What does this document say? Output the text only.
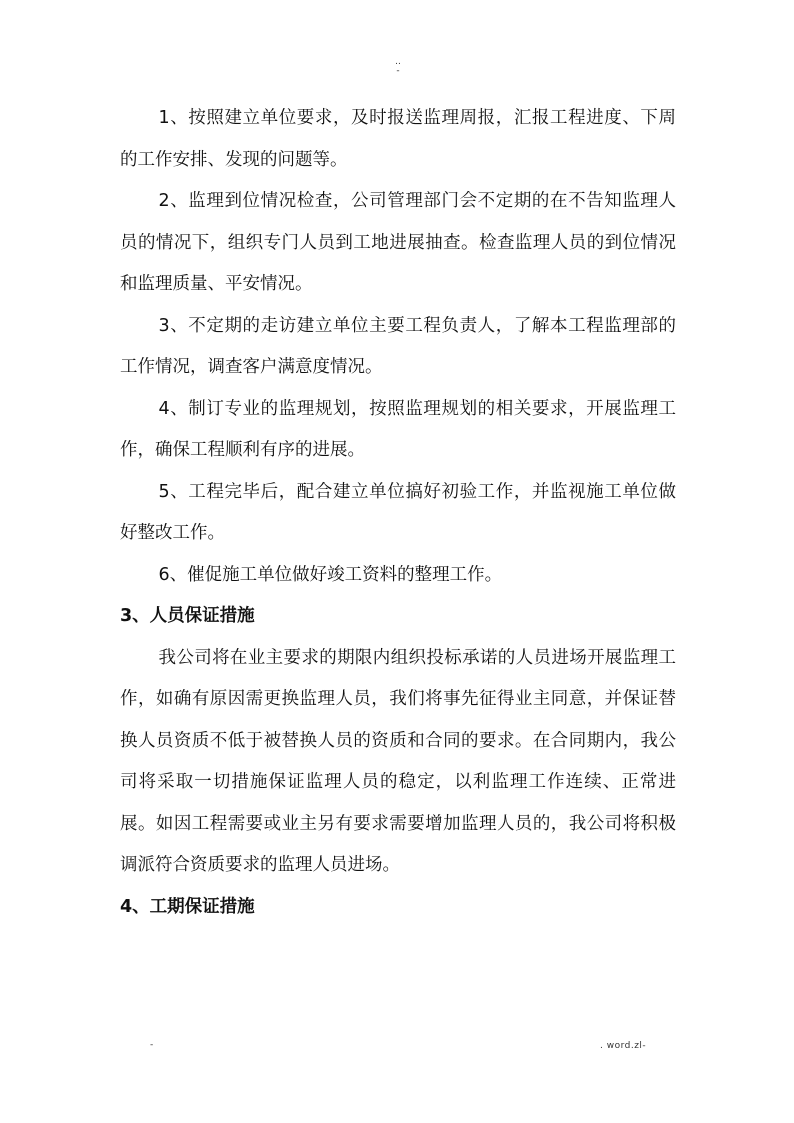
..
-

1、按照建立单位要求，及时报送监理周报，汇报工程进度、下周的工作安排、发现的问题等。

2、监理到位情况检查，公司管理部门会不定期的在不告知监理人员的情况下，组织专门人员到工地进展抽查。检查监理人员的到位情况和监理质量、平安情况。

3、不定期的走访建立单位主要工程负责人，了解本工程监理部的工作情况，调查客户满意度情况。

4、制订专业的监理规划，按照监理规划的相关要求，开展监理工作，确保工程顺利有序的进展。

5、工程完毕后，配合建立单位搞好初验工作，并监视施工单位做好整改工作。

6、催促施工单位做好竣工资料的整理工作。

3、人员保证措施

我公司将在业主要求的期限内组织投标承诺的人员进场开展监理工作，如确有原因需更换监理人员，我们将事先征得业主同意，并保证替换人员资质不低于被替换人员的资质和合同的要求。在合同期内，我公司将采取一切措施保证监理人员的稳定，以利监理工作连续、正常进展。如因工程需要或业主另有要求需要增加监理人员的，我公司将积极调派符合资质要求的监理人员进场。

4、工期保证措施
-	. word.zl-
